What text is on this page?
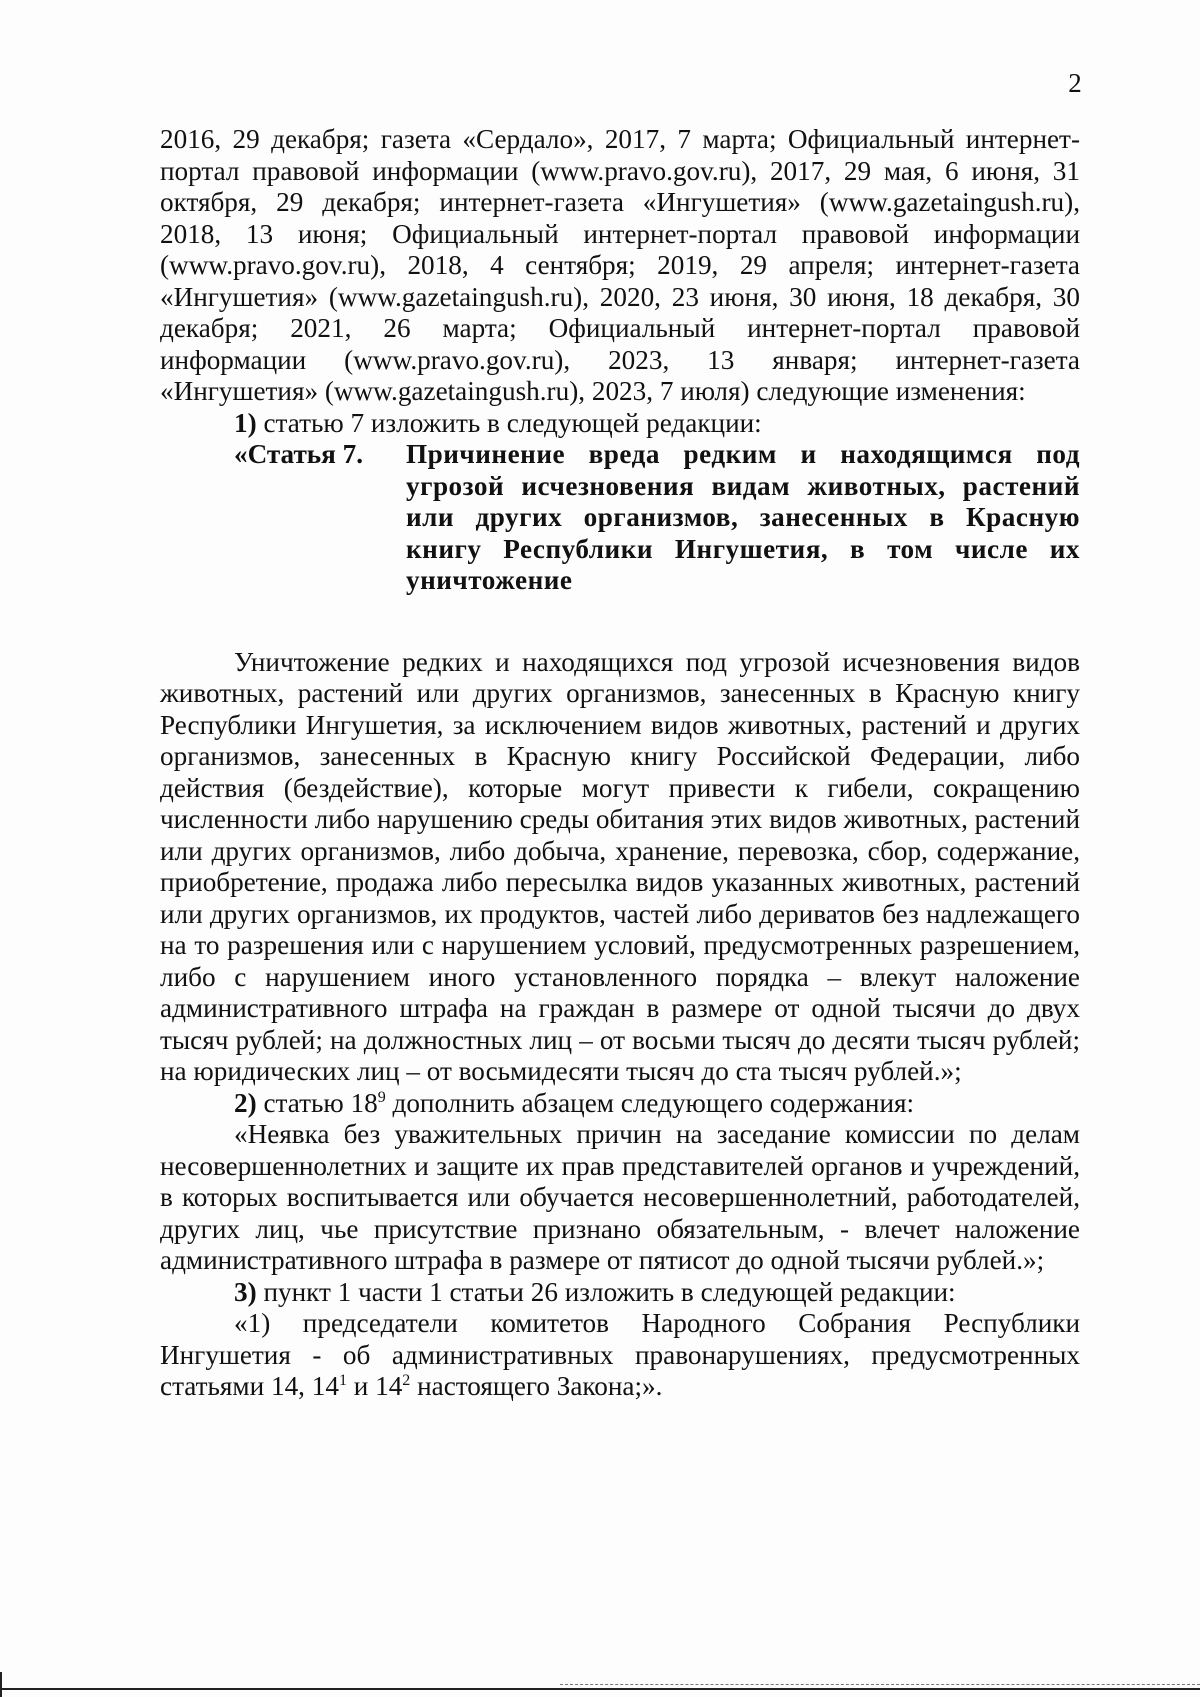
2

2016, 29 декабря; газета «Сердало», 2017, 7 марта; Официальный интернет-портал правовой информации (www.pravo.gov.ru), 2017, 29 мая, 6 июня, 31 октября, 29 декабря; интернет-газета «Ингушетия» (www.gazetaingush.ru), 2018, 13 июня; Официальный интернет-портал правовой информации (www.pravo.gov.ru), 2018, 4 сентября; 2019, 29 апреля; интернет-газета «Ингушетия» (www.gazetaingush.ru), 2020, 23 июня, 30 июня, 18 декабря, 30 декабря; 2021, 26 марта; Официальный интернет-портал правовой информации (www.pravo.gov.ru), 2023, 13 января; интернет-газета «Ингушетия» (www.gazetaingush.ru), 2023, 7 июля) следующие изменения:

1) статью 7 изложить в следующей редакции:

«Статья 7. Причинение вреда редким и находящимся под угрозой исчезновения видам животных, растений или других организмов, занесенных в Красную книгу Республики Ингушетия, в том числе их уничтожение

Уничтожение редких и находящихся под угрозой исчезновения видов животных, растений или других организмов, занесенных в Красную книгу Республики Ингушетия, за исключением видов животных, растений и других организмов, занесенных в Красную книгу Российской Федерации, либо действия (бездействие), которые могут привести к гибели, сокращению численности либо нарушению среды обитания этих видов животных, растений или других организмов, либо добыча, хранение, перевозка, сбор, содержание, приобретение, продажа либо пересылка видов указанных животных, растений или других организмов, их продуктов, частей либо дериватов без надлежащего на то разрешения или с нарушением условий, предусмотренных разрешением, либо с нарушением иного установленного порядка – влекут наложение административного штрафа на граждан в размере от одной тысячи до двух тысяч рублей; на должностных лиц – от восьми тысяч до десяти тысяч рублей; на юридических лиц – от восьмидесяти тысяч до ста тысяч рублей.»;

2) статью $18^9$ дополнить абзацем следующего содержания:

«Неявка без уважительных причин на заседание комиссии по делам несовершеннолетних и защите их прав представителей органов и учреждений, в которых воспитывается или обучается несовершеннолетний, работодателей, других лиц, чье присутствие признано обязательным, - влечет наложение административного штрафа в размере от пятисот до одной тысячи рублей.»;

3) пункт 1 части 1 статьи 26 изложить в следующей редакции:

«1) председатели комитетов Народного Собрания Республики Ингушетия - об административных правонарушениях, предусмотренных статьями 14, $14^1$ и $14^2$ настоящего Закона;».
